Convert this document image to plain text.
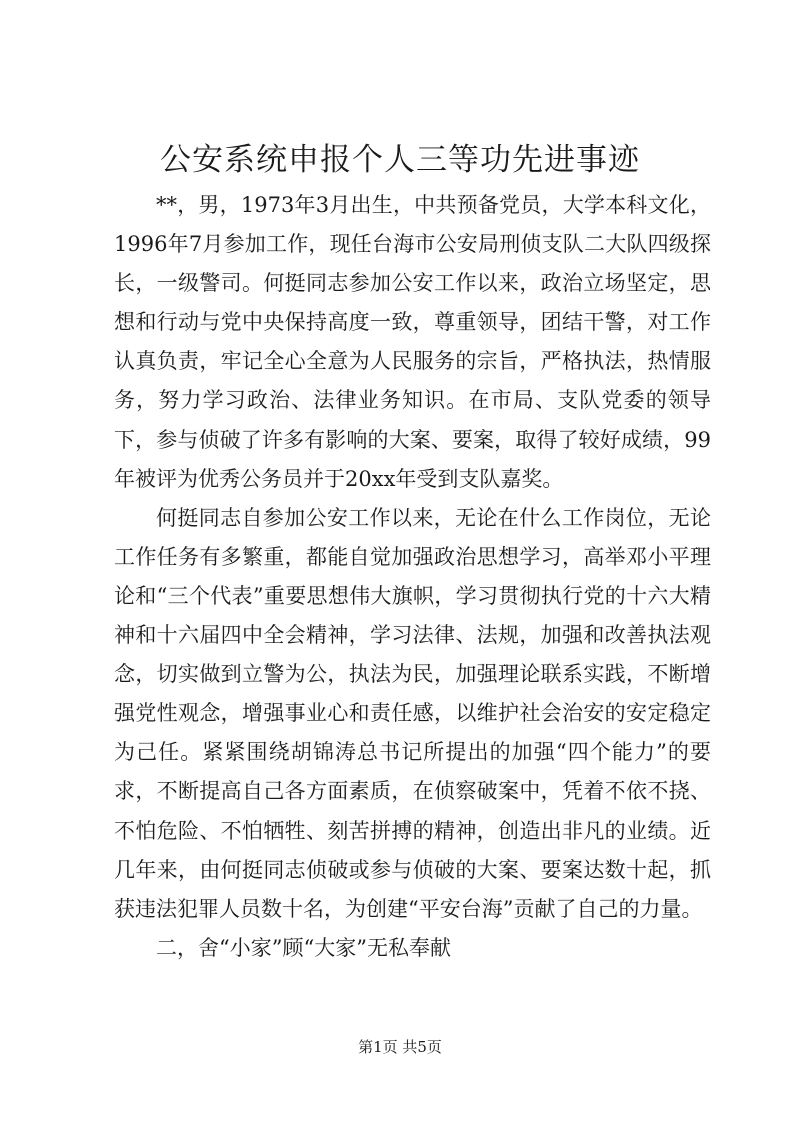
公安系统申报个人三等功先进事迹

**，男，1973年3月出生，中共预备党员，大学本科文化，1996年7月参加工作，现任台海市公安局刑侦支队二大队四级探长，一级警司。何挺同志参加公安工作以来，政治立场坚定，思想和行动与党中央保持高度一致，尊重领导，团结干警，对工作认真负责，牢记全心全意为人民服务的宗旨，严格执法，热情服务，努力学习政治、法律业务知识。在市局、支队党委的领导下，参与侦破了许多有影响的大案、要案，取得了较好成绩，99年被评为优秀公务员并于20xx年受到支队嘉奖。

何挺同志自参加公安工作以来，无论在什么工作岗位，无论工作任务有多繁重，都能自觉加强政治思想学习，高举邓小平理论和“三个代表”重要思想伟大旗帜，学习贯彻执行党的十六大精神和十六届四中全会精神，学习法律、法规，加强和改善执法观念，切实做到立警为公，执法为民，加强理论联系实践，不断增强党性观念，增强事业心和责任感，以维护社会治安的安定稳定为己任。紧紧围绕胡锦涛总书记所提出的加强“四个能力”的要求，不断提高自己各方面素质，在侦察破案中，凭着不依不挠、不怕危险、不怕牺牲、刻苦拼搏的精神，创造出非凡的业绩。近几年来，由何挺同志侦破或参与侦破的大案、要案达数十起，抓获违法犯罪人员数十名，为创建“平安台海”贡献了自己的力量。

二，舍“小家”顾“大家”无私奉献

第1页 共5页
